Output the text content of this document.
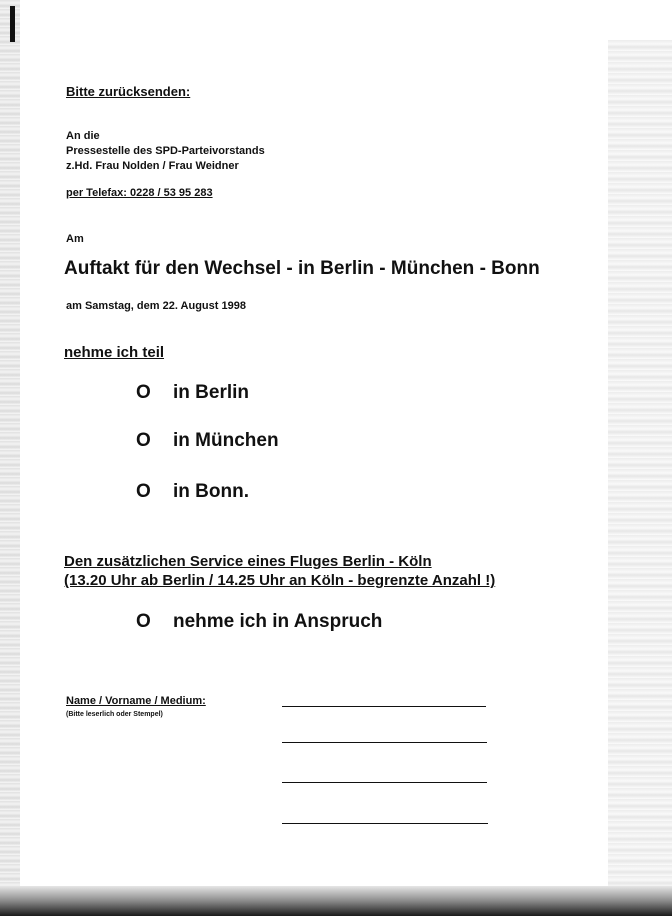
Bitte zurücksenden:
An die
Pressestelle des SPD-Parteivorstands
z.Hd. Frau Nolden / Frau Weidner
per Telefax: 0228 / 53 95 283
Am
Auftakt für den Wechsel - in Berlin - München - Bonn
am Samstag, dem 22. August 1998
nehme ich teil
O in Berlin
O in München
O in Bonn.
Den zusätzlichen Service eines Fluges Berlin - Köln
(13.20 Uhr ab Berlin / 14.25 Uhr an Köln - begrenzte Anzahl !)
O nehme ich in Anspruch
Name / Vorname / Medium:
(Bitte leserlich oder Stempel)
